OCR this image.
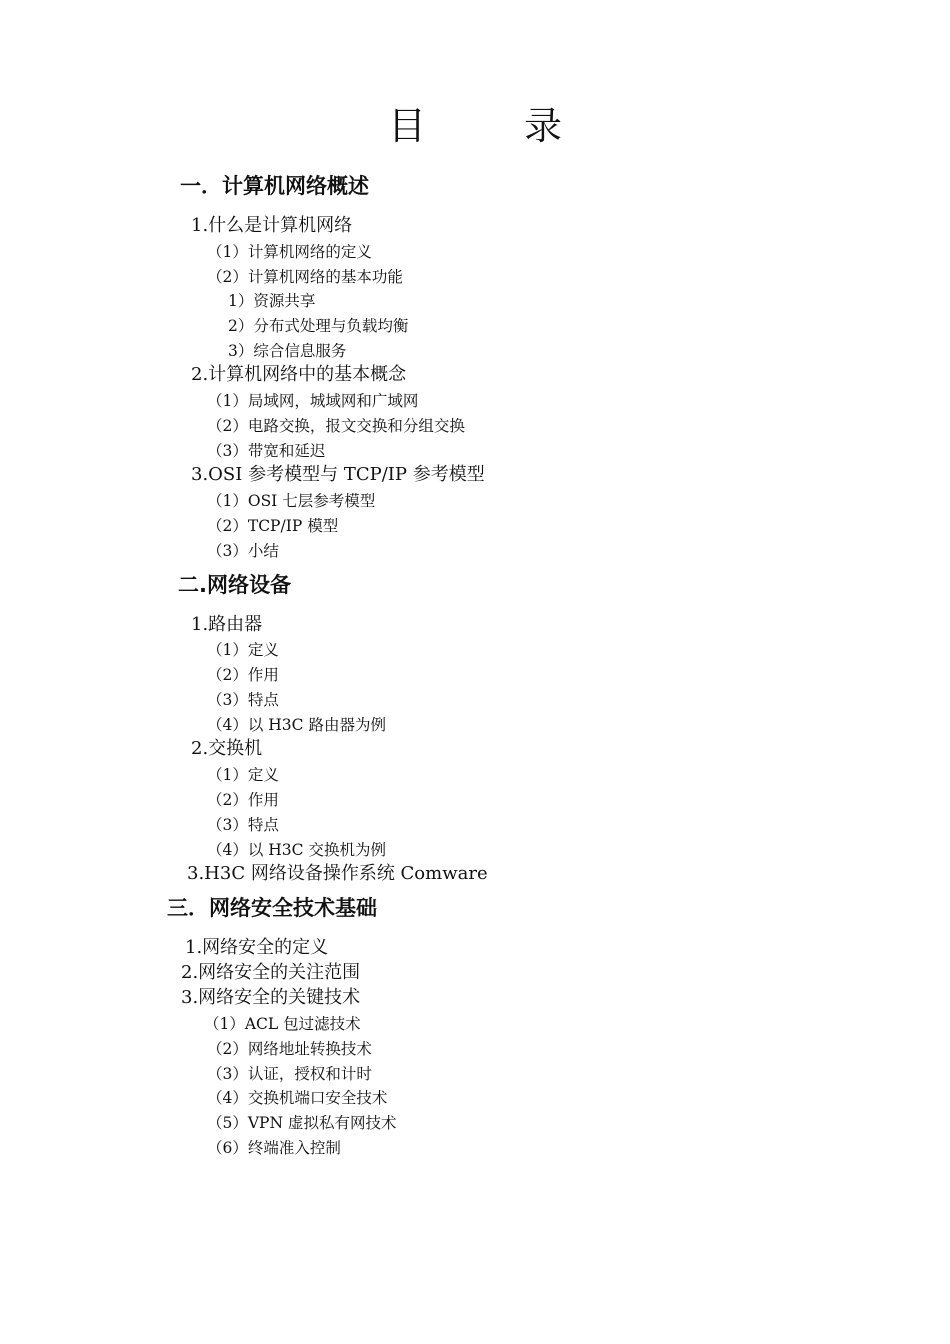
目	录
一．计算机网络概述
1.什么是计算机网络
（1）计算机网络的定义
（2）计算机网络的基本功能
1）资源共享
2）分布式处理与负载均衡
3）综合信息服务
2.计算机网络中的基本概念
（1）局域网，城域网和广域网
（2）电路交换，报文交换和分组交换
（3）带宽和延迟
3.OSI 参考模型与 TCP/IP 参考模型
（1）OSI 七层参考模型
（2）TCP/IP 模型
（3）小结
二.网络设备
1.路由器
（1）定义
（2）作用
（3）特点
（4）以 H3C 路由器为例
2.交换机
（1）定义
（2）作用
（3）特点
（4）以 H3C 交换机为例
3.H3C 网络设备操作系统 Comware
三．网络安全技术基础
1.网络安全的定义
2.网络安全的关注范围
3.网络安全的关键技术
（1）ACL 包过滤技术
（2）网络地址转换技术
（3）认证，授权和计时
（4）交换机端口安全技术
（5）VPN 虚拟私有网技术
（6）终端准入控制
